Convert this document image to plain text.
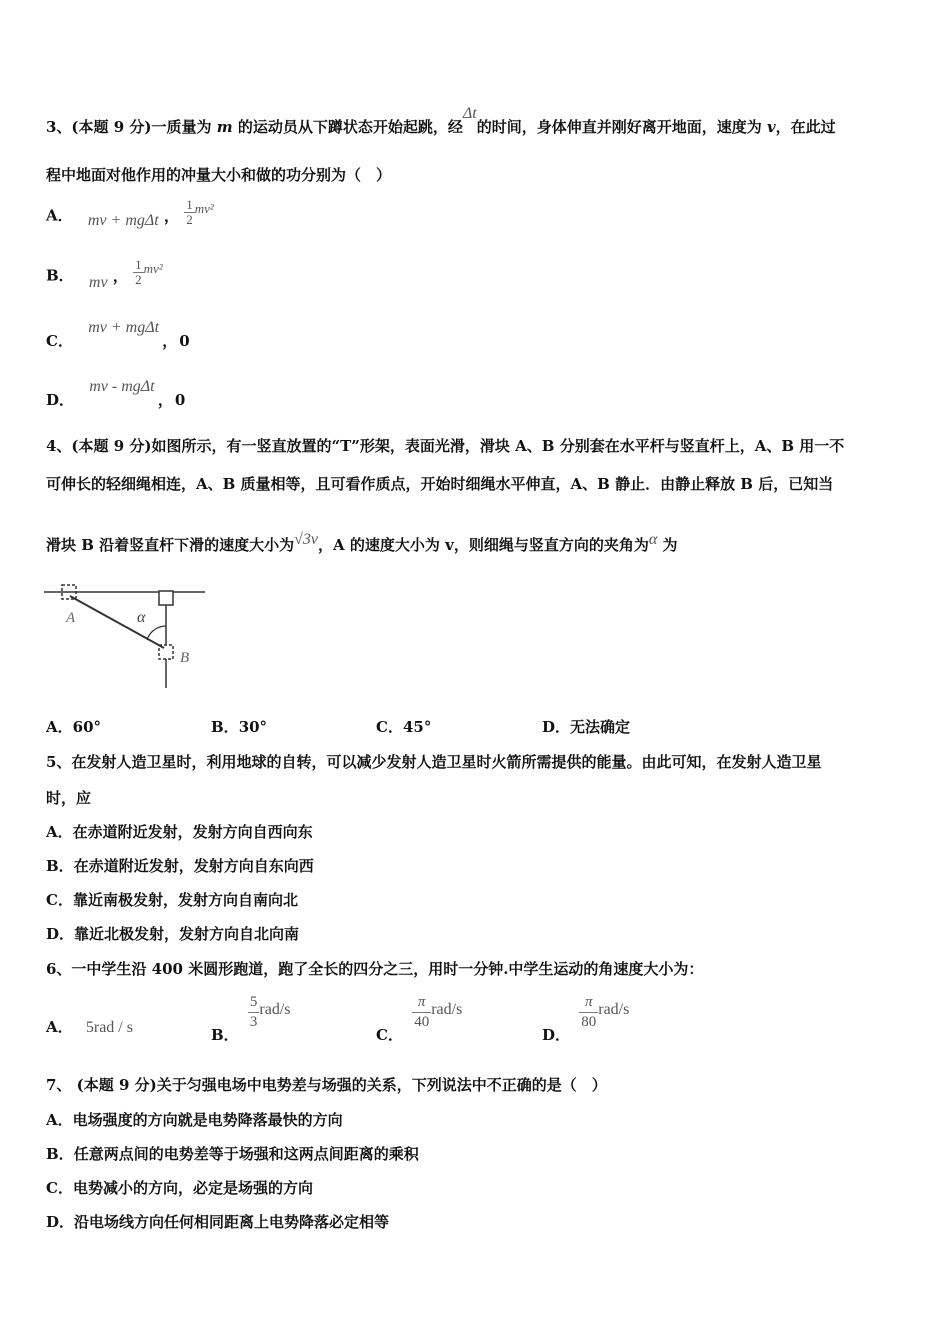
3、(本题 9 分)一质量为 m 的运动员从下蹲状态开始起跳，经Δt的时间，身体伸直并刚好离开地面，速度为 v，在此过
程中地面对他作用的冲量大小和做的功分别为（　）
A． mv + mgΔt ， $\frac{1}{2} mv^2$
B． mv ， $\frac{1}{2} mv^2$
C． mv + mgΔt ， 0
D． mv - mgΔt ， 0
4、(本题 9 分)如图所示，有一竖直放置的“T”形架，表面光滑，滑块 A、B 分别套在水平杆与竖直杆上，A、B 用一不
可伸长的轻细绳相连，A、B 质量相等，且可看作质点，开始时细绳水平伸直，A、B 静止．由静止释放 B 后，已知当
滑块 B 沿着竖直杆下滑的速度大小为√3v，A 的速度大小为 v，则细绳与竖直方向的夹角为α 为
A	α
B
A．60°	B．30°	C．45°	D．无法确定
5、在发射人造卫星时，利用地球的自转，可以减少发射人造卫星时火箭所需提供的能量。由此可知，在发射人造卫星
时，应
A．在赤道附近发射，发射方向自西向东
B．在赤道附近发射，发射方向自东向西
C．靠近南极发射，发射方向自南向北
D．靠近北极发射，发射方向自北向南
6、一中学生沿 400 米圆形跑道，跑了全长的四分之三，用时一分钟.中学生运动的角速度大小为：
A． 5rad / s	B．
$\frac{5}{3} rad/s$
C．
$\frac{\pi}{40} rad/s$
D．
$\frac{\pi}{80} rad/s$
7、 (本题 9 分)关于匀强电场中电势差与场强的关系，下列说法中不正确的是（　）
A．电场强度的方向就是电势降落最快的方向
B．任意两点间的电势差等于场强和这两点间距离的乘积
C．电势减小的方向，必定是场强的方向
D．沿电场线方向任何相同距离上电势降落必定相等
